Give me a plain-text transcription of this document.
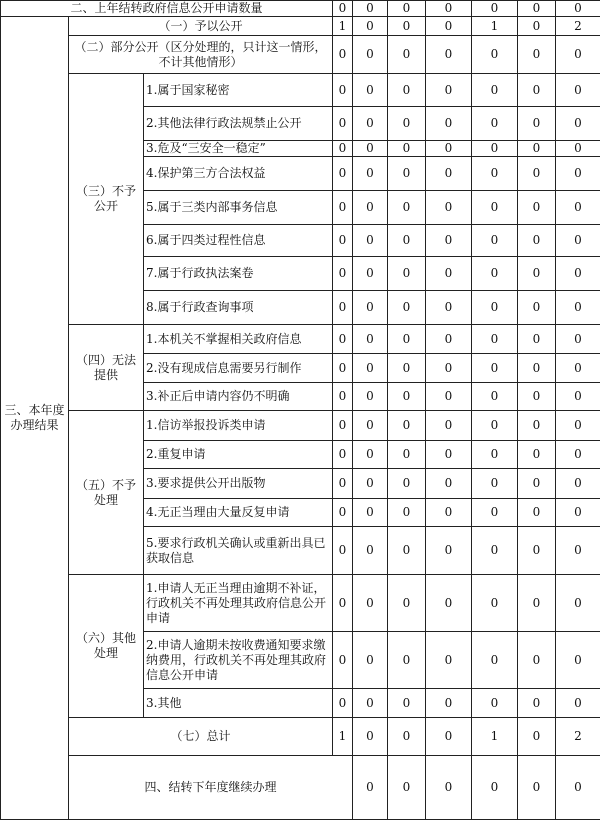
二、上年结转政府信息公开申请数量			0	0	0	0	0	0	0	
三、本年度办理结果	（一）予以公开		1	0	0	0	1	0	2	
	（二）部分公开（区分处理的，只计这一情形，不计其他情形）		0	0	0	0	0	0	0	
	（三）不予公开	1.属于国家秘密	0	0	0	0	0	0	0	
		2.其他法律行政法规禁止公开	0	0	0	0	0	0	0	
		3.危及“三安全一稳定”	0	0	0	0	0	0	0	
		4.保护第三方合法权益	0	0	0	0	0	0	0	
		5.属于三类内部事务信息	0	0	0	0	0	0	0	
		6.属于四类过程性信息	0	0	0	0	0	0	0	
		7.属于行政执法案卷	0	0	0	0	0	0	0	
		8.属于行政查询事项	0	0	0	0	0	0	0	
	（四）无法提供	1.本机关不掌握相关政府信息	0	0	0	0	0	0	0	
		2.没有现成信息需要另行制作	0	0	0	0	0	0	0	
		3.补正后申请内容仍不明确	0	0	0	0	0	0	0	
	（五）不予处理	1.信访举报投诉类申请	0	0	0	0	0	0	0	
		2.重复申请	0	0	0	0	0	0	0	
		3.要求提供公开出版物	0	0	0	0	0	0	0	
		4.无正当理由大量反复申请	0	0	0	0	0	0	0	
		5.要求行政机关确认或重新出具已获取信息	0	0	0	0	0	0	0	
	（六）其他处理	1.申请人无正当理由逾期不补证，行政机关不再处理其政府信息公开申请	0	0	0	0	0	0	0	
		2.申请人逾期未按收费通知要求缴纳费用，行政机关不再处理其政府信息公开申请	0	0	0	0	0	0	0	
		3.其他	0	0	0	0	0	0	0	
	（七）总计		1	0	0	0	1	0	2	

	四、结转下年度继续办理			0	0	0	0	0	0	
